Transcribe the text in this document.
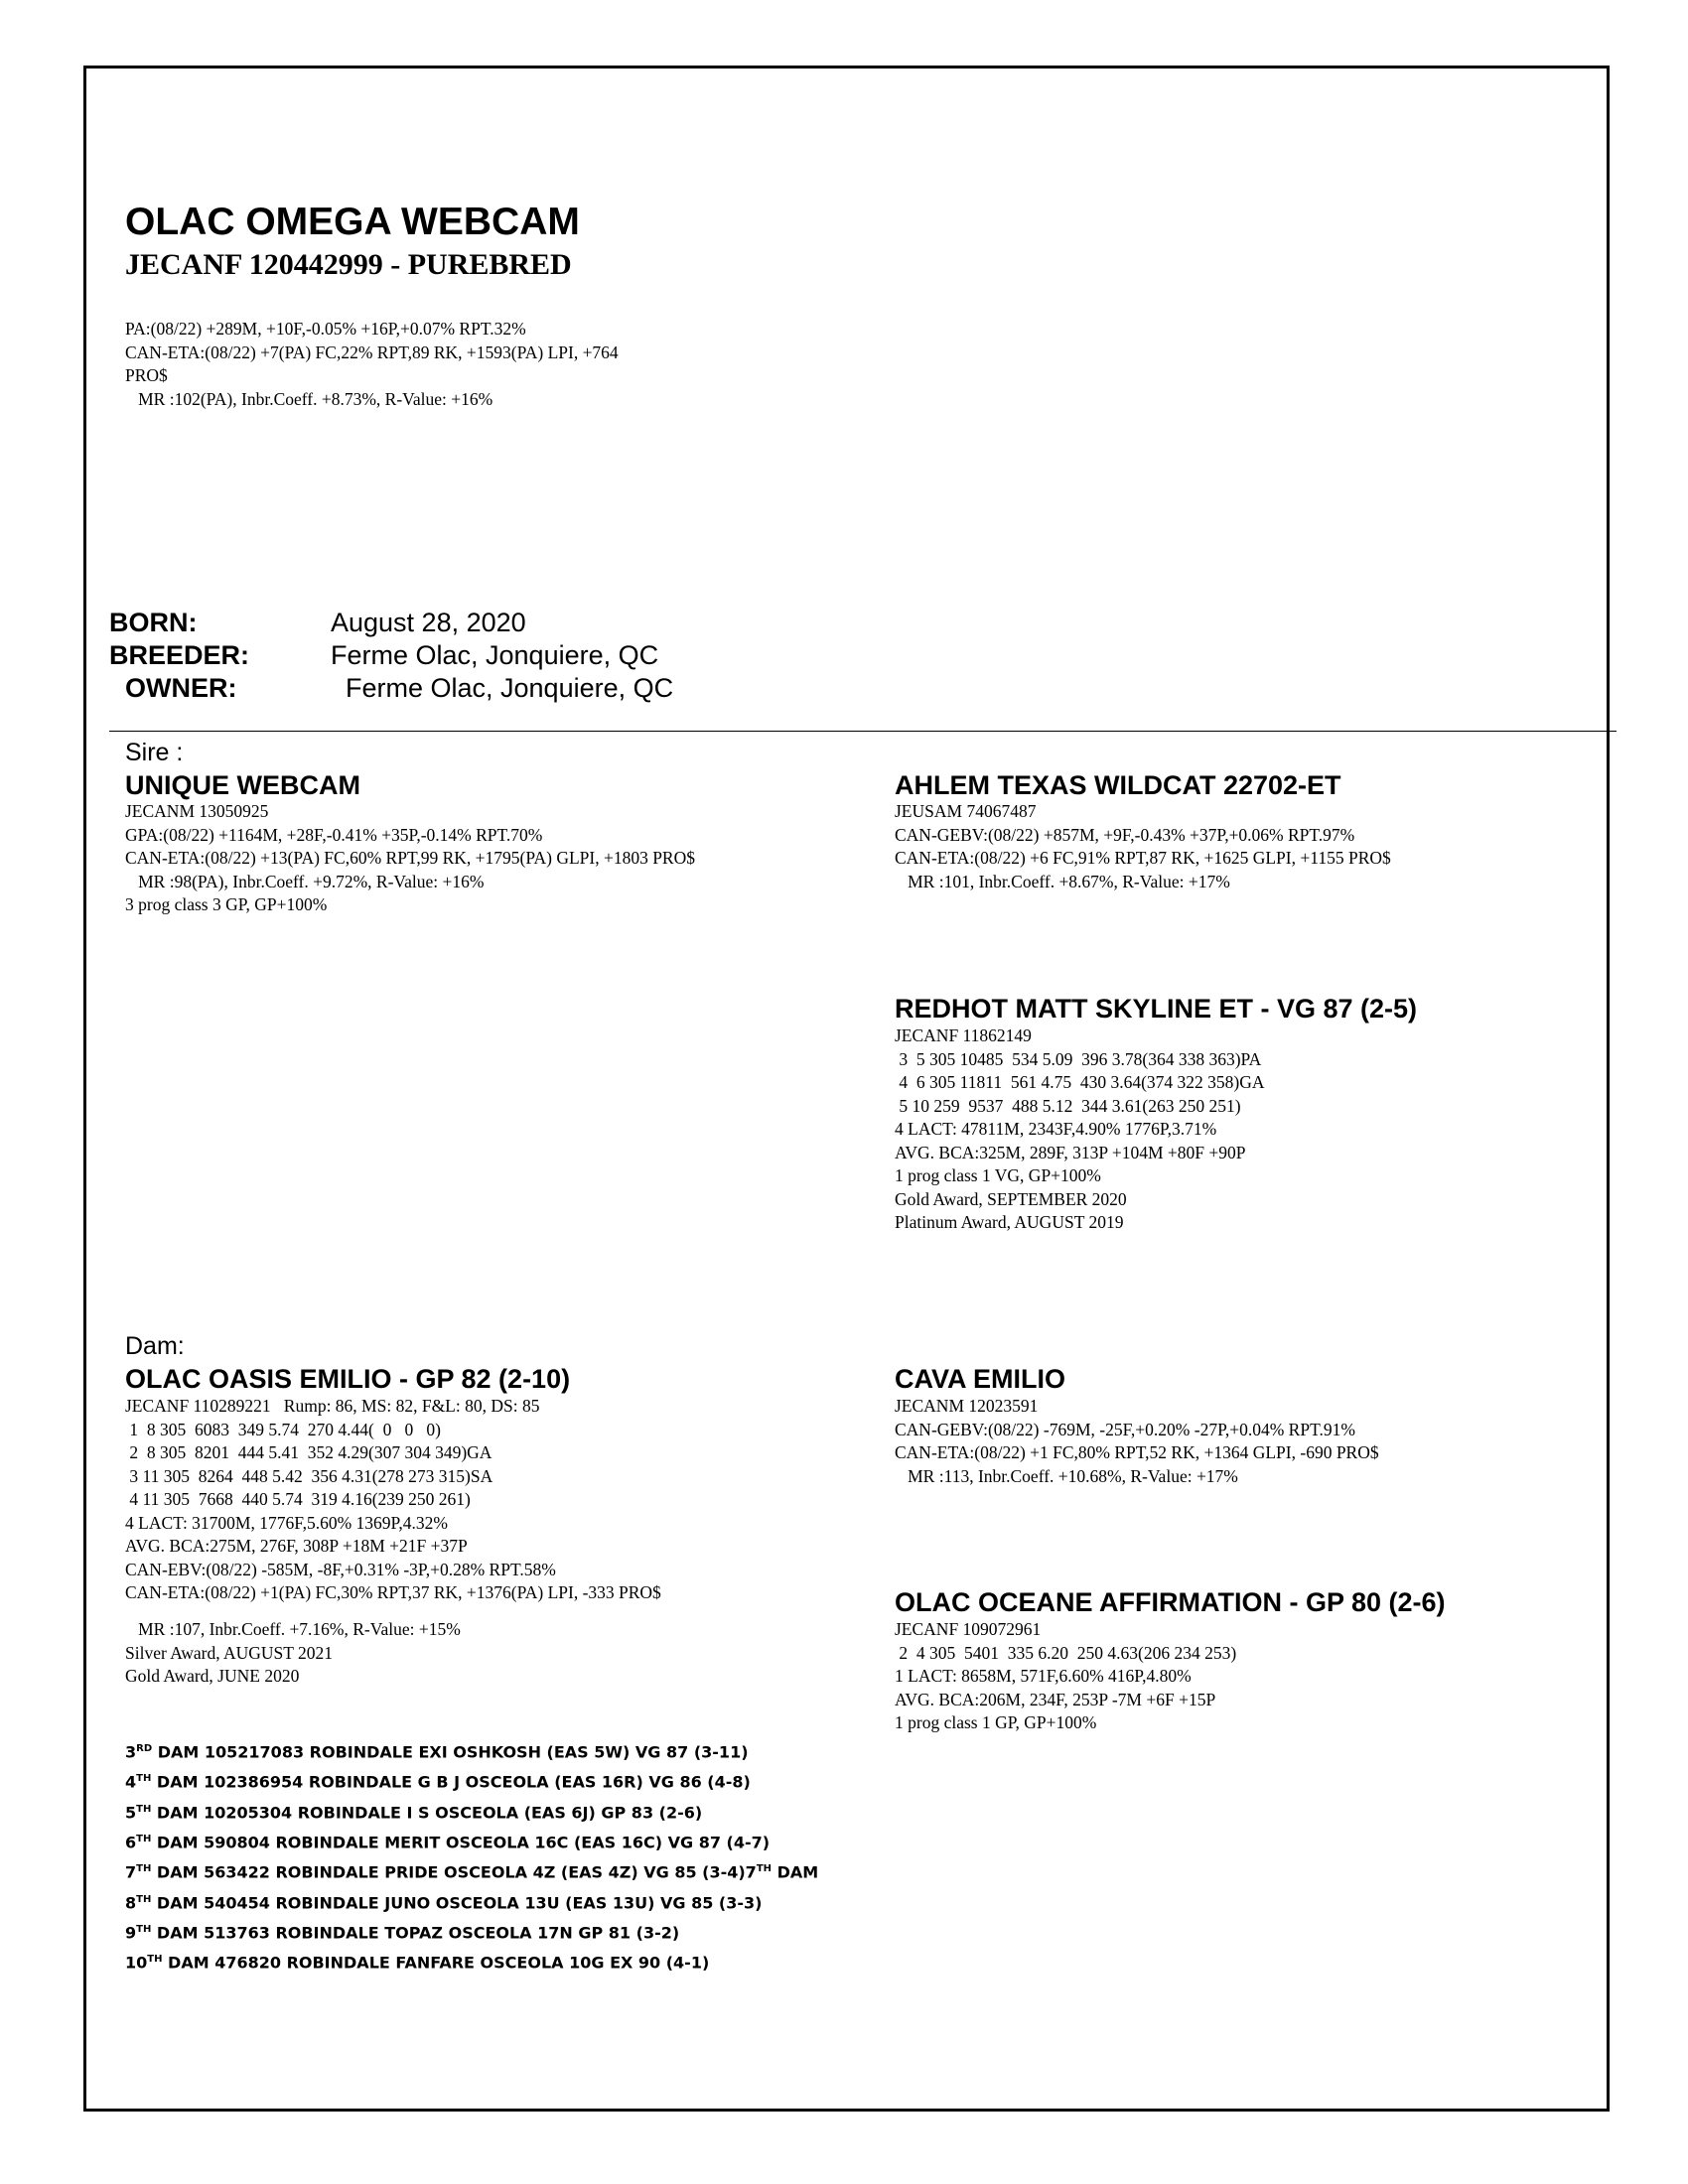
OLAC OMEGA WEBCAM
JECANF 120442999 - PUREBRED
PA:(08/22) +289M, +10F,-0.05% +16P,+0.07% RPT.32%
CAN-ETA:(08/22) +7(PA) FC,22% RPT,89 RK, +1593(PA) LPI, +764
PRO$
MR :102(PA), Inbr.Coeff. +8.73%, R-Value: +16%
BORN:	August 28, 2020
BREEDER:	Ferme Olac, Jonquiere, QC
OWNER:	Ferme Olac, Jonquiere, QC
Sire :
UNIQUE WEBCAM
JECANM 13050925
GPA:(08/22) +1164M, +28F,-0.41% +35P,-0.14% RPT.70%
CAN-ETA:(08/22) +13(PA) FC,60% RPT,99 RK, +1795(PA) GLPI, +1803 PRO$
MR :98(PA), Inbr.Coeff. +9.72%, R-Value: +16%
3 prog class 3 GP, GP+100%
AHLEM TEXAS WILDCAT 22702-ET
JEUSAM 74067487
CAN-GEBV:(08/22) +857M, +9F,-0.43% +37P,+0.06% RPT.97%
CAN-ETA:(08/22) +6 FC,91% RPT,87 RK, +1625 GLPI, +1155 PRO$
MR :101, Inbr.Coeff. +8.67%, R-Value: +17%
REDHOT MATT SKYLINE ET - VG 87 (2-5)
JECANF 11862149
3  5 305 10485  534 5.09  396 3.78(364 338 363)PA
4  6 305 11811  561 4.75  430 3.64(374 322 358)GA
5 10 259  9537  488 5.12  344 3.61(263 250 251)
4 LACT: 47811M, 2343F,4.90% 1776P,3.71%
AVG. BCA:325M, 289F, 313P +104M +80F +90P
1 prog class 1 VG, GP+100%
Gold Award, SEPTEMBER 2020
Platinum Award, AUGUST 2019
Dam:
OLAC OASIS EMILIO - GP 82 (2-10)
JECANF 110289221   Rump: 86, MS: 82, F&L: 80, DS: 85
1  8 305  6083  349 5.74  270 4.44(  0   0   0)
2  8 305  8201  444 5.41  352 4.29(307 304 349)GA
3 11 305  8264  448 5.42  356 4.31(278 273 315)SA
4 11 305  7668  440 5.74  319 4.16(239 250 261)
4 LACT: 31700M, 1776F,5.60% 1369P,4.32%
AVG. BCA:275M, 276F, 308P +18M +21F +37P
CAN-EBV:(08/22) -585M, -8F,+0.31% -3P,+0.28% RPT.58%
CAN-ETA:(08/22) +1(PA) FC,30% RPT,37 RK, +1376(PA) LPI, -333 PRO$
MR :107, Inbr.Coeff. +7.16%, R-Value: +15%
Silver Award, AUGUST 2021
Gold Award, JUNE 2020
CAVA EMILIO
JECANM 12023591
CAN-GEBV:(08/22) -769M, -25F,+0.20% -27P,+0.04% RPT.91%
CAN-ETA:(08/22) +1 FC,80% RPT,52 RK, +1364 GLPI, -690 PRO$
MR :113, Inbr.Coeff. +10.68%, R-Value: +17%
OLAC OCEANE AFFIRMATION - GP 80 (2-6)
JECANF 109072961
2  4 305  5401  335 6.20  250 4.63(206 234 253)
1 LACT: 8658M, 571F,6.60% 416P,4.80%
AVG. BCA:206M, 234F, 253P -7M +6F +15P
1 prog class 1 GP, GP+100%
3RD DAM 105217083 ROBINDALE EXI OSHKOSH (EAS 5W) VG 87 (3-11)
4TH DAM 102386954 ROBINDALE G B J OSCEOLA (EAS 16R) VG 86 (4-8)
5TH DAM 10205304 ROBINDALE I S OSCEOLA (EAS 6J) GP 83 (2-6)
6TH DAM 590804 ROBINDALE MERIT OSCEOLA 16C (EAS 16C) VG 87 (4-7)
7TH DAM 563422 ROBINDALE PRIDE OSCEOLA 4Z (EAS 4Z) VG 85 (3-4)7TH DAM
8TH DAM 540454 ROBINDALE JUNO OSCEOLA 13U (EAS 13U) VG 85 (3-3)
9TH DAM 513763 ROBINDALE TOPAZ OSCEOLA 17N GP 81 (3-2)
10TH DAM 476820 ROBINDALE FANFARE OSCEOLA 10G EX 90 (4-1)
